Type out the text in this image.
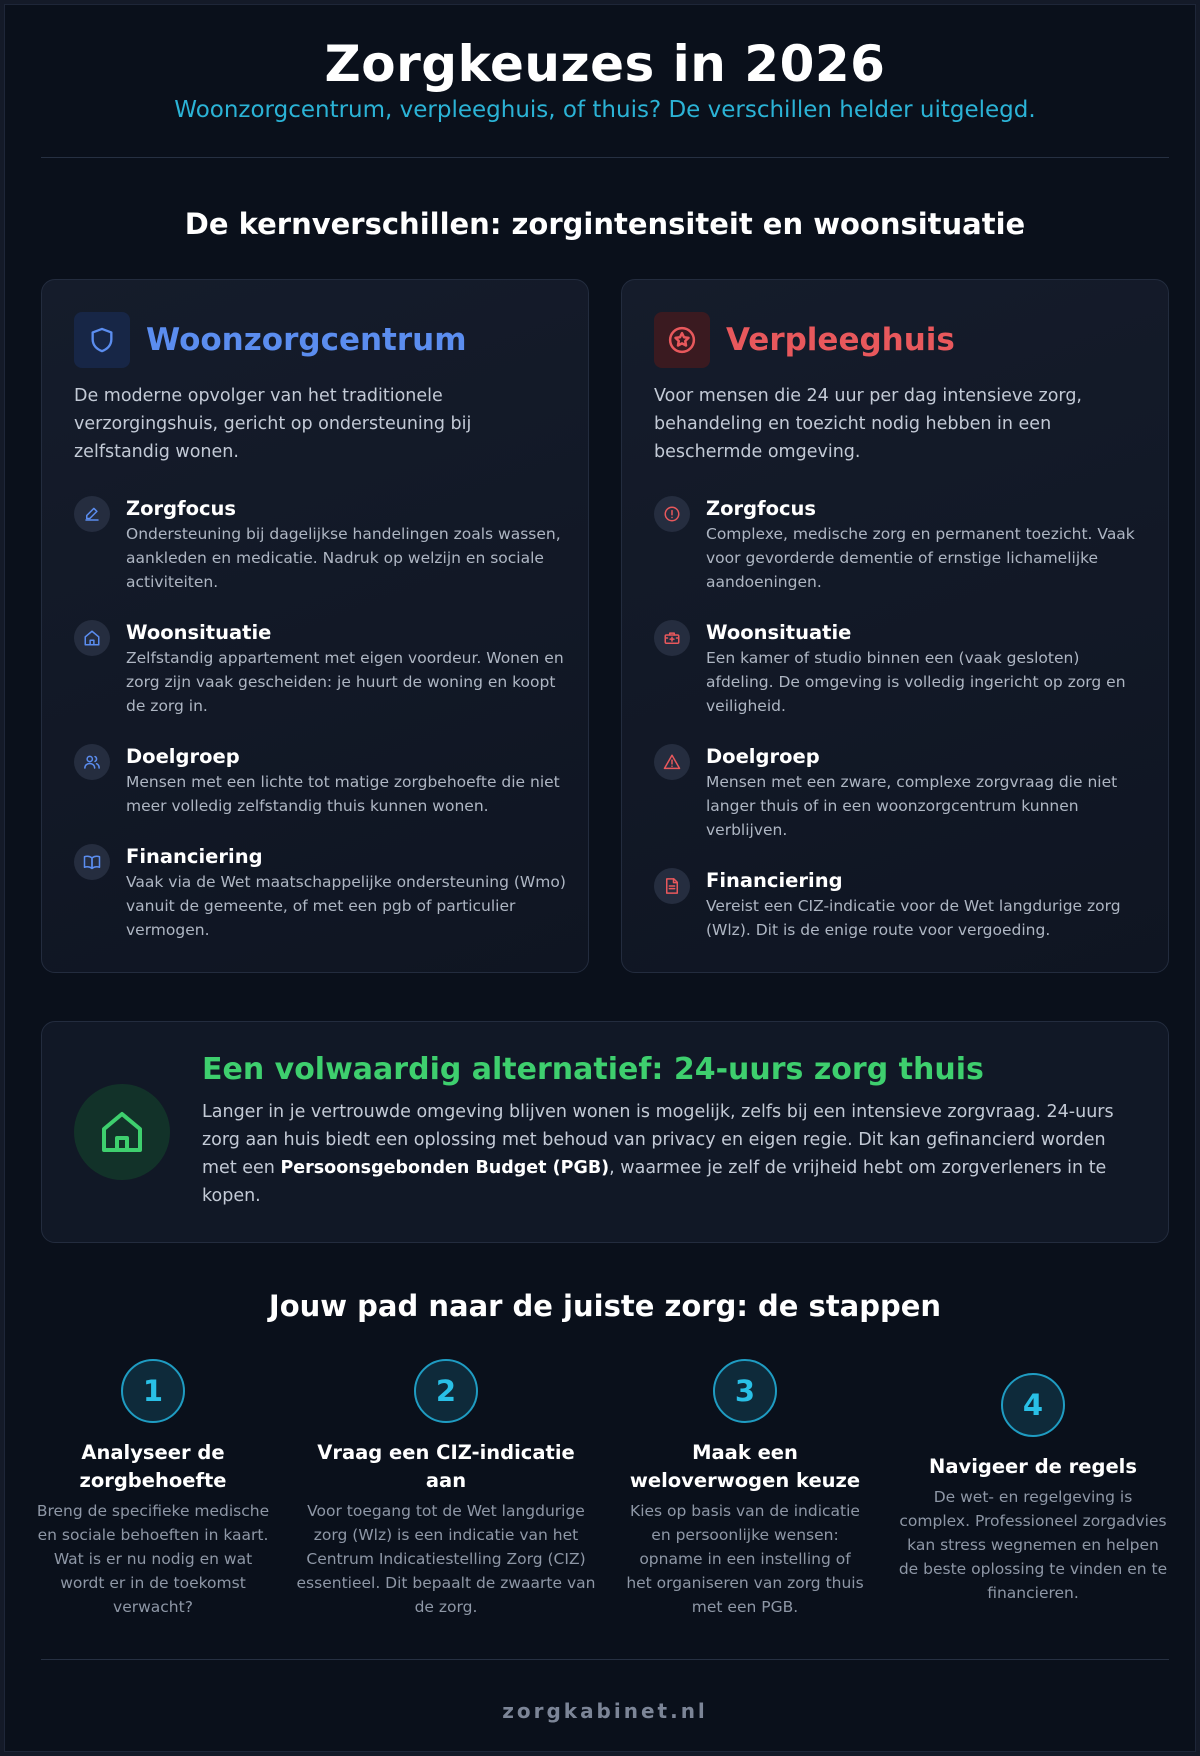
Zorgkeuzes in 2026
Woonzorgcentrum, verpleeghuis, of thuis? De verschillen helder uitgelegd.
De kernverschillen: zorgintensiteit en woonsituatie
Woonzorgcentrum
De moderne opvolger van het traditionele verzorgingshuis, gericht op ondersteuning bij zelfstandig wonen.
Zorgfocus
Ondersteuning bij dagelijkse handelingen zoals wassen, aankleden en medicatie. Nadruk op welzijn en sociale activiteiten.
Woonsituatie
Zelfstandig appartement met eigen voordeur. Wonen en zorg zijn vaak gescheiden: je huurt de woning en koopt de zorg in.
Doelgroep
Mensen met een lichte tot matige zorgbehoefte die niet meer volledig zelfstandig thuis kunnen wonen.
Financiering
Vaak via de Wet maatschappelijke ondersteuning (Wmo) vanuit de gemeente, of met een pgb of particulier vermogen.
Verpleeghuis
Voor mensen die 24 uur per dag intensieve zorg, behandeling en toezicht nodig hebben in een beschermde omgeving.
Zorgfocus
Complexe, medische zorg en permanent toezicht. Vaak voor gevorderde dementie of ernstige lichamelijke aandoeningen.
Woonsituatie
Een kamer of studio binnen een (vaak gesloten) afdeling. De omgeving is volledig ingericht op zorg en veiligheid.
Doelgroep
Mensen met een zware, complexe zorgvraag die niet langer thuis of in een woonzorgcentrum kunnen verblijven.
Financiering
Vereist een CIZ-indicatie voor de Wet langdurige zorg (Wlz). Dit is de enige route voor vergoeding.
Een volwaardig alternatief: 24-uurs zorg thuis
Langer in je vertrouwde omgeving blijven wonen is mogelijk, zelfs bij een intensieve zorgvraag. 24-uurs zorg aan huis biedt een oplossing met behoud van privacy en eigen regie. Dit kan gefinancierd worden met een Persoonsgebonden Budget (PGB), waarmee je zelf de vrijheid hebt om zorgverleners in te kopen.
Jouw pad naar de juiste zorg: de stappen
1
Analyseer de zorgbehoefte
Breng de specifieke medische en sociale behoeften in kaart. Wat is er nu nodig en wat wordt er in de toekomst verwacht?
2
Vraag een CIZ-indicatie aan
Voor toegang tot de Wet langdurige zorg (Wlz) is een indicatie van het Centrum Indicatiestelling Zorg (CIZ) essentieel. Dit bepaalt de zwaarte van de zorg.
3
Maak een weloverwogen keuze
Kies op basis van de indicatie en persoonlijke wensen: opname in een instelling of het organiseren van zorg thuis met een PGB.
4
Navigeer de regels
De wet- en regelgeving is complex. Professioneel zorgadvies kan stress wegnemen en helpen de beste oplossing te vinden en te financieren.
zorgkabinet.nl
